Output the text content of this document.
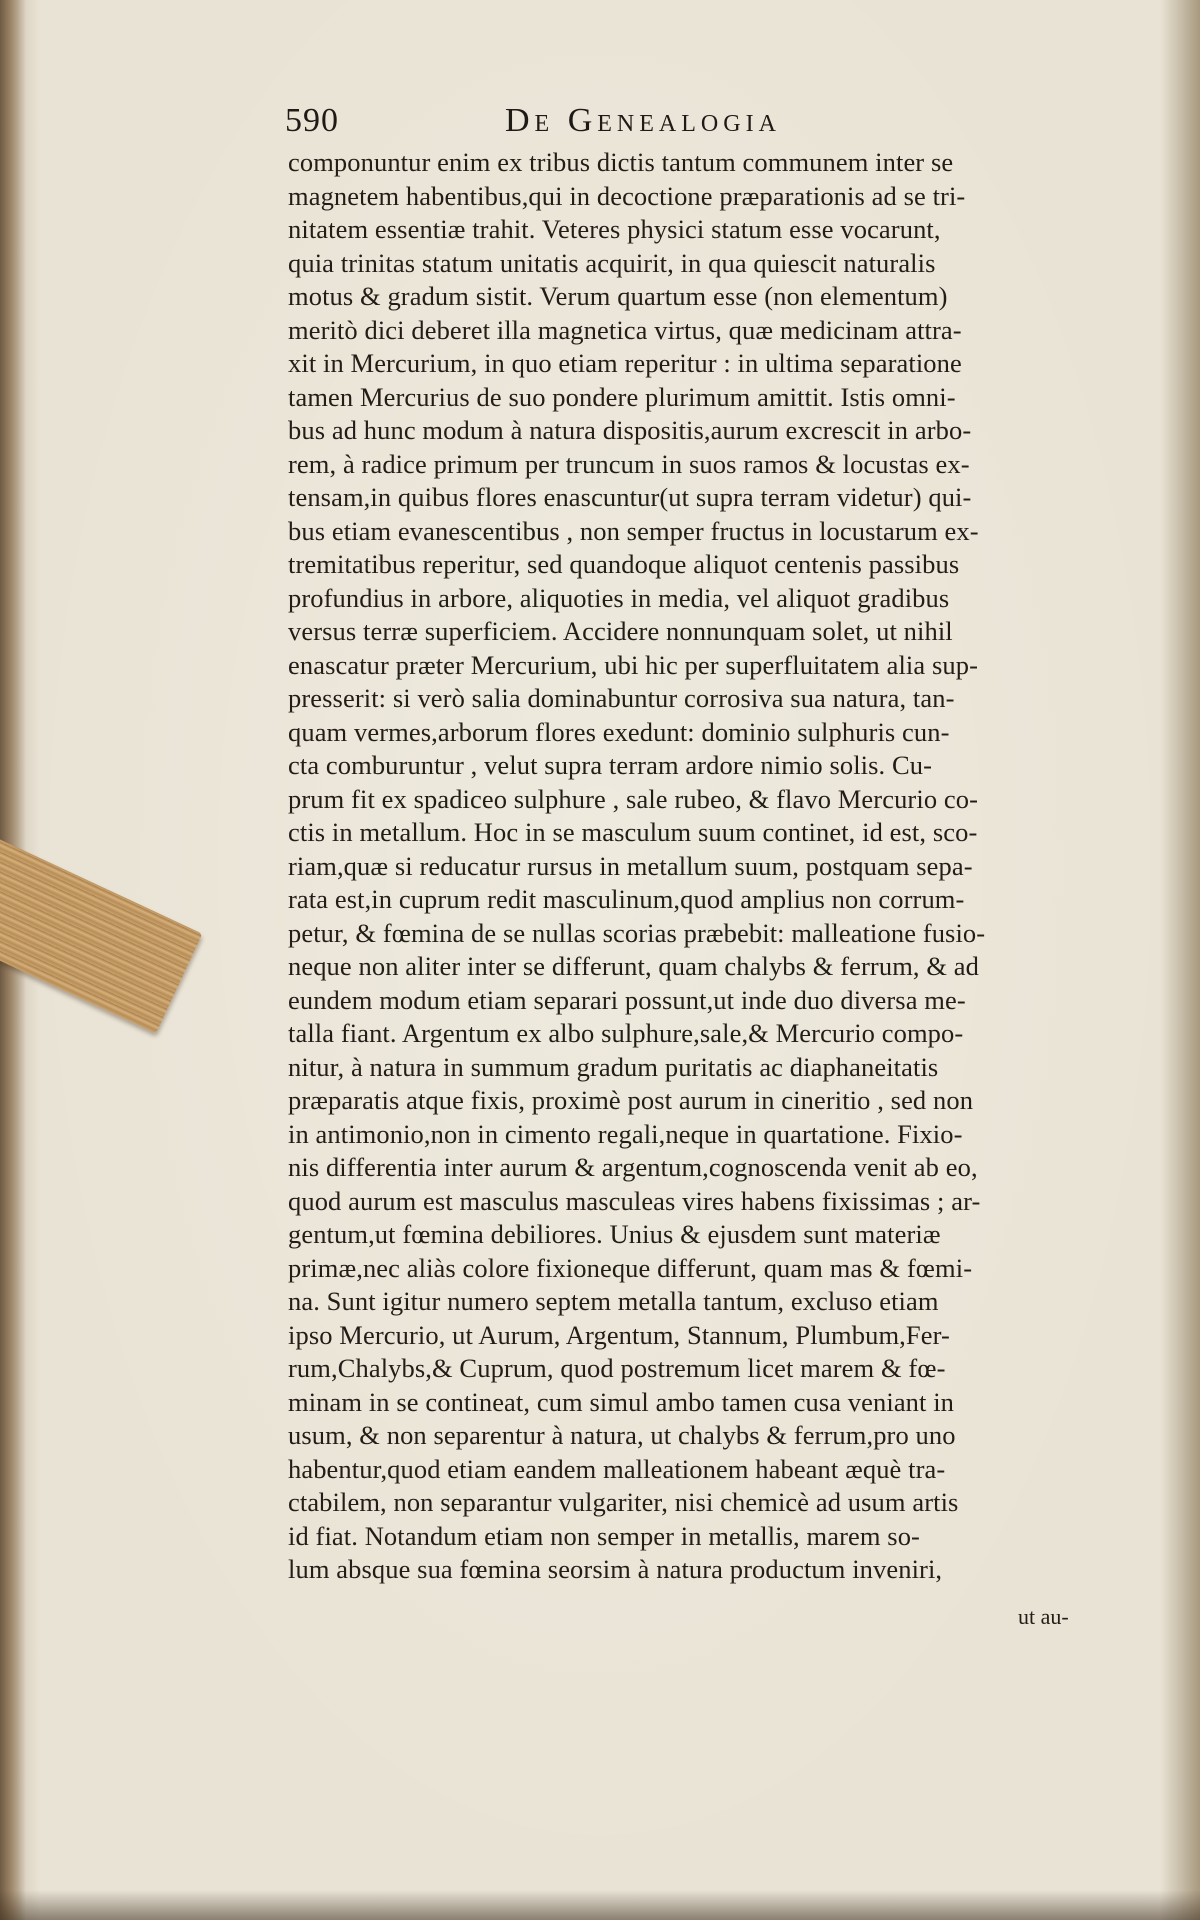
590	De Genealogia
componuntur enim ex tribus dictis tantum communem inter se
magnetem habentibus,qui in decoctione præparationis ad se tri-
nitatem essentiæ trahit. Veteres physici statum esse vocarunt,
quia trinitas statum unitatis acquirit, in qua quiescit naturalis
motus & gradum sistit. Verum quartum esse (non elementum)
meritò dici deberet illa magnetica virtus, quæ medicinam attra-
xit in Mercurium, in quo etiam reperitur : in ultima separatione
tamen Mercurius de suo pondere plurimum amittit. Istis omni-
bus ad hunc modum à natura dispositis,aurum excrescit in arbo-
rem, à radice primum per truncum in suos ramos & locustas ex-
tensam,in quibus flores enascuntur(ut supra terram videtur) qui-
bus etiam evanescentibus , non semper fructus in locustarum ex-
tremitatibus reperitur, sed quandoque aliquot centenis passibus
profundius in arbore, aliquoties in media, vel aliquot gradibus
versus terræ superficiem. Accidere nonnunquam solet, ut nihil
enascatur præter Mercurium, ubi hic per superfluitatem alia sup-
presserit: si verò salia dominabuntur corrosiva sua natura, tan-
quam vermes,arborum flores exedunt: dominio sulphuris cun-
cta comburuntur , velut supra terram ardore nimio solis. Cu-
prum fit ex spadiceo sulphure , sale rubeo, & flavo Mercurio co-
ctis in metallum. Hoc in se masculum suum continet, id est, sco-
riam,quæ si reducatur rursus in metallum suum, postquam sepa-
rata est,in cuprum redit masculinum,quod amplius non corrum-
petur, & fœmina de se nullas scorias præbebit: malleatione fusio-
neque non aliter inter se differunt, quam chalybs & ferrum, & ad
eundem modum etiam separari possunt,ut inde duo diversa me-
talla fiant. Argentum ex albo sulphure,sale,& Mercurio compo-
nitur, à natura in summum gradum puritatis ac diaphaneitatis
præparatis atque fixis, proximè post aurum in cineritio , sed non
in antimonio,non in cimento regali,neque in quartatione. Fixio-
nis differentia inter aurum & argentum,cognoscenda venit ab eo,
quod aurum est masculus masculeas vires habens fixissimas ; ar-
gentum,ut fœmina debiliores. Unius & ejusdem sunt materiæ
primæ,nec aliàs colore fixioneque differunt, quam mas & fœmi-
na. Sunt igitur numero septem metalla tantum, excluso etiam
ipso Mercurio, ut Aurum, Argentum, Stannum, Plumbum,Fer-
rum,Chalybs,& Cuprum, quod postremum licet marem & fœ-
minam in se contineat, cum simul ambo tamen cusa veniant in
usum, & non separentur à natura, ut chalybs & ferrum,pro uno
habentur,quod etiam eandem malleationem habeant æquè tra-
ctabilem, non separantur vulgariter, nisi chemicè ad usum artis
id fiat. Notandum etiam non semper in metallis, marem so-
lum absque sua fœmina seorsim à natura productum inveniri,
ut au-
